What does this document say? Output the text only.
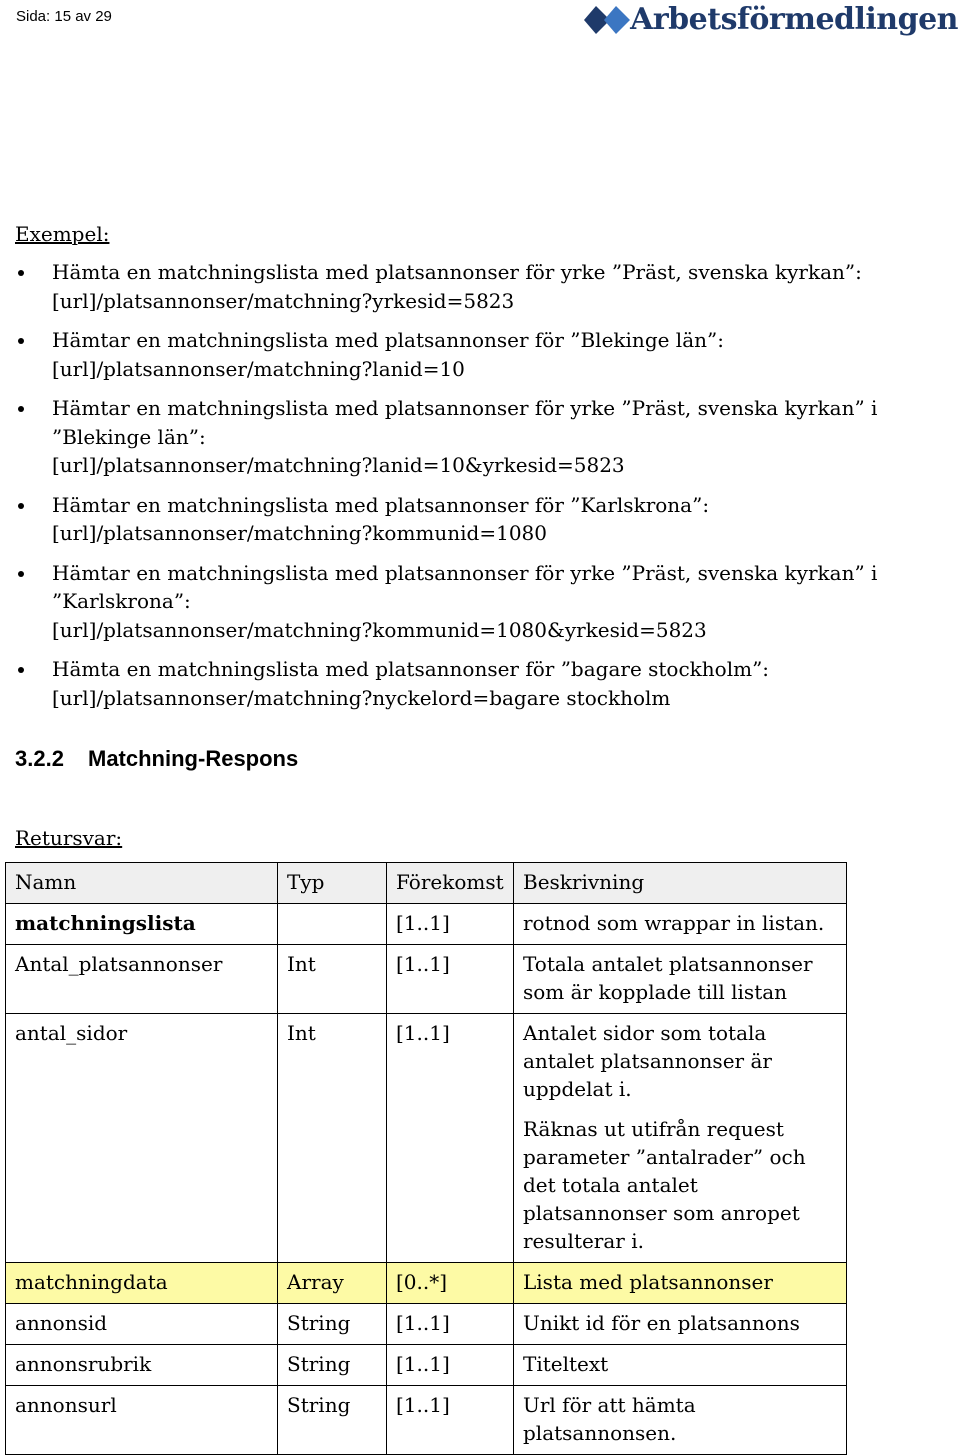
Sida: 15 av 29	Arbetsförmedlingen
Exempel:
Hämta en matchningslista med platsannonser för yrke ”Präst, svenska kyrkan”:
[url]/platsannonser/matchning?yrkesid=5823
Hämtar en matchningslista med platsannonser för ”Blekinge län”:
[url]/platsannonser/matchning?lanid=10
Hämtar en matchningslista med platsannonser för yrke ”Präst, svenska kyrkan” i ”Blekinge län”:
[url]/platsannonser/matchning?lanid=10&yrkesid=5823
Hämtar en matchningslista med platsannonser för ”Karlskrona”:
[url]/platsannonser/matchning?kommunid=1080
Hämtar en matchningslista med platsannonser för yrke ”Präst, svenska kyrkan” i ”Karlskrona”:
[url]/platsannonser/matchning?kommunid=1080&yrkesid=5823
Hämta en matchningslista med platsannonser för ”bagare stockholm”:
[url]/platsannonser/matchning?nyckelord=bagare stockholm
3.2.2 Matchning-Respons
Retursvar:
Namn	Typ	Förekomst	Beskrivning
matchningslista		[1..1]	rotnod som wrappar in listan.
Antal_platsannonser	Int	[1..1]	Totala antalet platsannonser som är kopplade till listan
antal_sidor	Int	[1..1]	Antalet sidor som totala antalet platsannonser är uppdelat i.

Räknas ut utifrån request parameter ”antalrader” och det totala antalet platsannonser som anropet resulterar i.

matchningdata	Array	[0..*]	Lista med platsannonser
annonsid	String	[1..1]	Unikt id för en platsannons
annonsrubrik	String	[1..1]	Titeltext
annonsurl	String	[1..1]	Url för att hämta platsannonsen.
